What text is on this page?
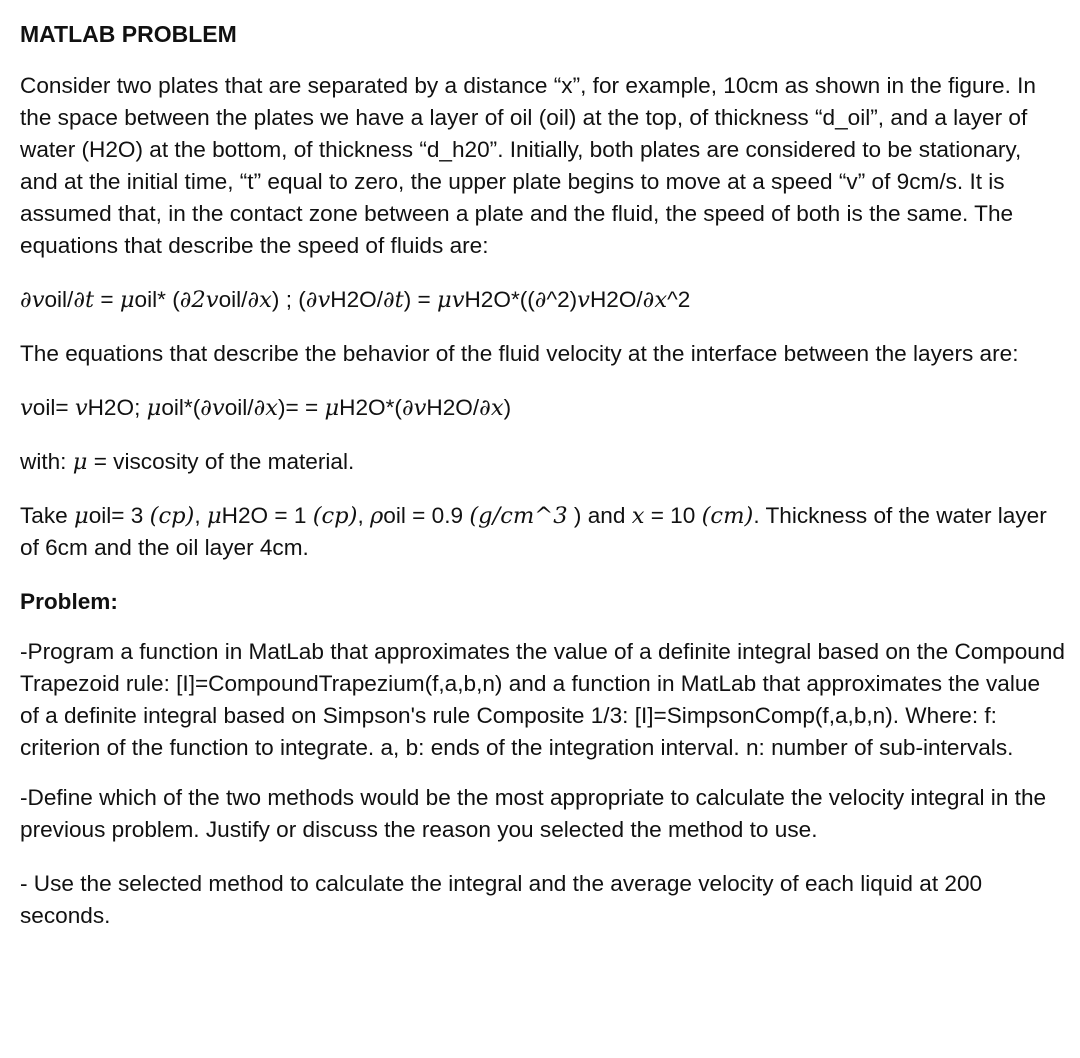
MATLAB PROBLEM

Consider two plates that are separated by a distance “x”, for example, 10cm as shown in the figure. In the space between the plates we have a layer of oil (oil) at the top, of thickness “d_oil”, and a layer of water (H2O) at the bottom, of thickness “d_h20”. Initially, both plates are considered to be stationary, and at the initial time, “t” equal to zero, the upper plate begins to move at a speed “v” of 9cm/s. It is assumed that, in the contact zone between a plate and the fluid, the speed of both is the same. The equations that describe the speed of fluids are:

∂voil/∂t = μoil* (∂2voil/∂x) ; (∂vH2O/∂t) = μvH2O*((∂^2)vH2O/∂x^2

The equations that describe the behavior of the fluid velocity at the interface between the layers are:

voil= vH2O; μoil*(∂voil/∂x)= = μH2O*(∂vH2O/∂x)

with: μ = viscosity of the material.

Take μoil= 3 (cp), μH2O = 1 (cp), ρoil = 0.9 (g/cm^3 ) and x = 10 (cm). Thickness of the water layer of 6cm and the oil layer 4cm.

Problem:

-Program a function in MatLab that approximates the value of a definite integral based on the Compound Trapezoid rule: [I]=CompoundTrapezium(f,a,b,n) and a function in MatLab that approximates the value of a definite integral based on Simpson's rule Composite 1/3: [I]=SimpsonComp(f,a,b,n). Where: f: criterion of the function to integrate. a, b: ends of the integration interval. n: number of sub-intervals.

-Define which of the two methods would be the most appropriate to calculate the velocity integral in the previous problem. Justify or discuss the reason you selected the method to use.

- Use the selected method to calculate the integral and the average velocity of each liquid at 200 seconds.
